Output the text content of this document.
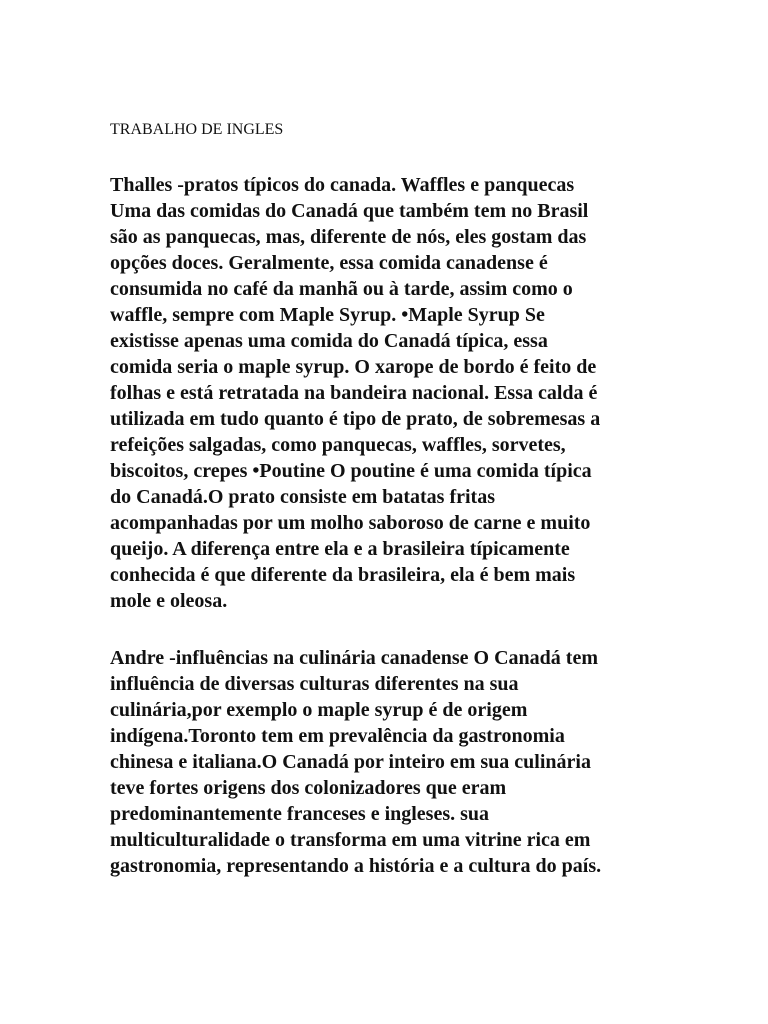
TRABALHO DE INGLES
Thalles -pratos típicos do canada. Waffles e panquecas
Uma das comidas do Canadá que também tem no Brasil
são as panquecas, mas, diferente de nós, eles gostam das
opções doces. Geralmente, essa comida canadense é
consumida no café da manhã ou à tarde, assim como o
waffle, sempre com Maple Syrup. •Maple Syrup Se
existisse apenas uma comida do Canadá típica, essa
comida seria o maple syrup. O xarope de bordo é feito de
folhas e está retratada na bandeira nacional. Essa calda é
utilizada em tudo quanto é tipo de prato, de sobremesas a
refeições salgadas, como panquecas, waffles, sorvetes,
biscoitos, crepes •Poutine O poutine é uma comida típica
do Canadá.O prato consiste em batatas fritas
acompanhadas por um molho saboroso de carne e muito
queijo. A diferença entre ela e a brasileira típicamente
conhecida é que diferente da brasileira, ela é bem mais
mole e oleosa.
Andre -influências na culinária canadense O Canadá tem
influência de diversas culturas diferentes na sua
culinária,por exemplo o maple syrup é de origem
indígena.Toronto tem em prevalência da gastronomia
chinesa e italiana.O Canadá por inteiro em sua culinária
teve fortes origens dos colonizadores que eram
predominantemente franceses e ingleses. sua
multiculturalidade o transforma em uma vitrine rica em
gastronomia, representando a história e a cultura do país.
